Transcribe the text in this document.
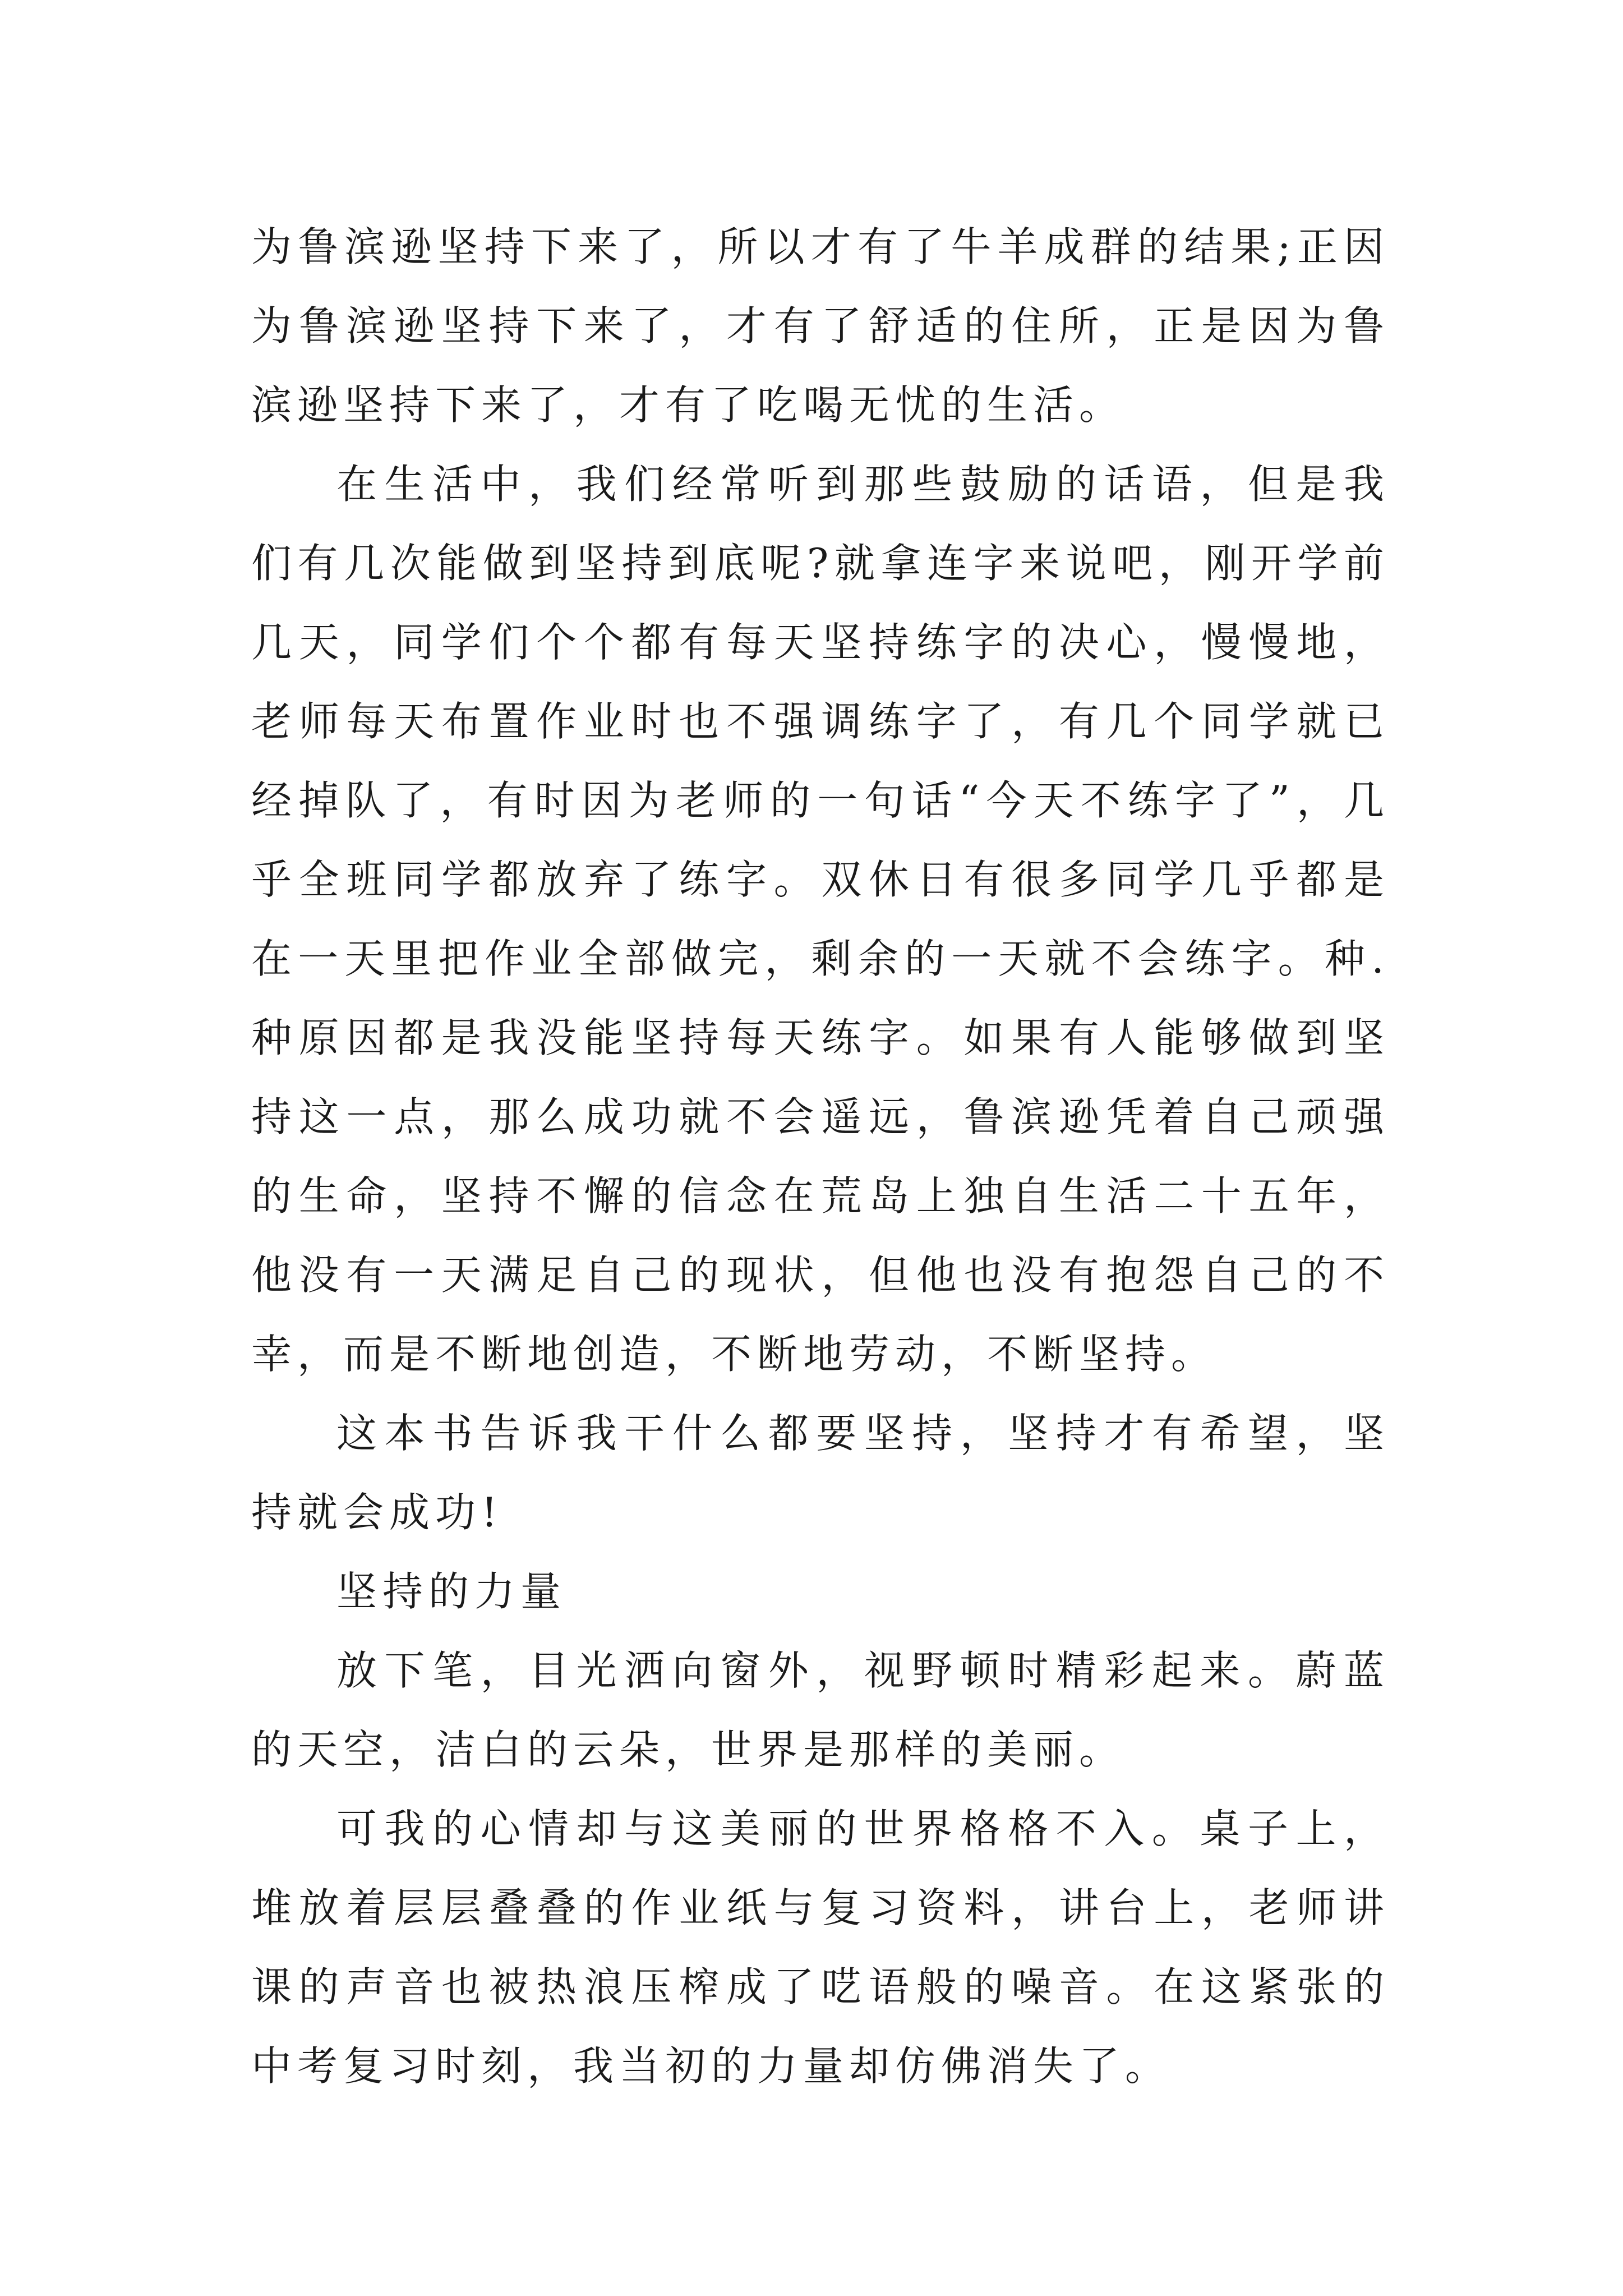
为鲁滨逊坚持下来了，所以才有了牛羊成群的结果;正因为鲁滨逊坚持下来了，才有了舒适的住所，正是因为鲁滨逊坚持下来了，才有了吃喝无忧的生活。

在生活中，我们经常听到那些鼓励的话语，但是我们有几次能做到坚持到底呢?就拿连字来说吧，刚开学前几天，同学们个个都有每天坚持练字的决心，慢慢地，老师每天布置作业时也不强调练字了，有几个同学就已经掉队了，有时因为老师的一句话“今天不练字了”，几乎全班同学都放弃了练字。双休日有很多同学几乎都是在一天里把作业全部做完，剩余的一天就不会练字。种.种原因都是我没能坚持每天练字。如果有人能够做到坚持这一点，那么成功就不会遥远，鲁滨逊凭着自己顽强的生命，坚持不懈的信念在荒岛上独自生活二十五年，他没有一天满足自己的现状，但他也没有抱怨自己的不幸，而是不断地创造，不断地劳动，不断坚持。

这本书告诉我干什么都要坚持，坚持才有希望，坚持就会成功!

坚持的力量

放下笔，目光洒向窗外，视野顿时精彩起来。蔚蓝的天空，洁白的云朵，世界是那样的美丽。

可我的心情却与这美丽的世界格格不入。桌子上，堆放着层层叠叠的作业纸与复习资料，讲台上，老师讲课的声音也被热浪压榨成了呓语般的噪音。在这紧张的中考复习时刻，我当初的力量却仿佛消失了。
